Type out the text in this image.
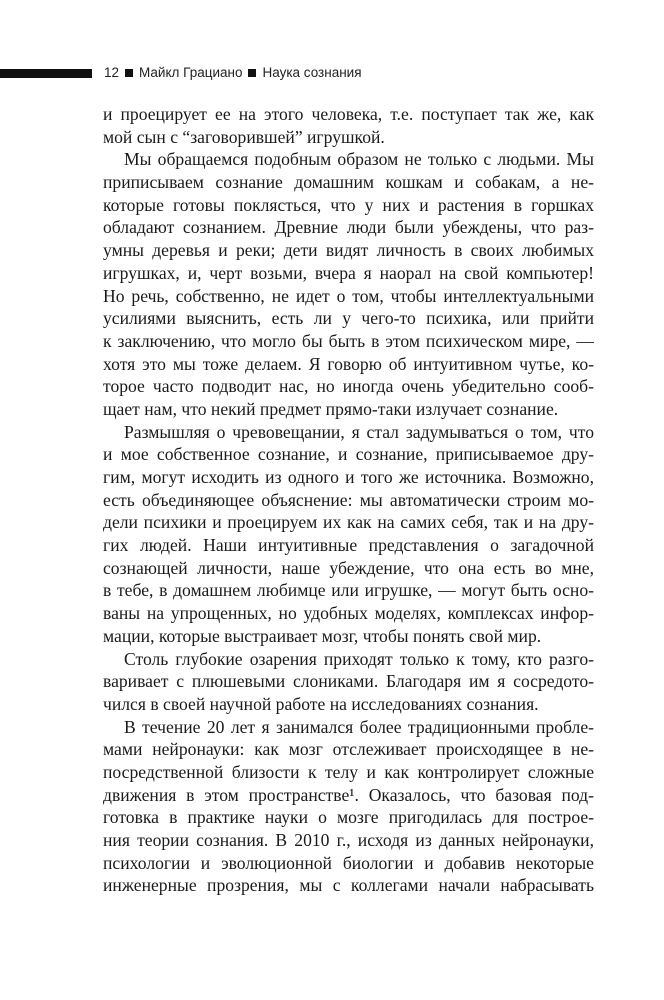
12 Майкл Грациано Наука сознания
и проецирует ее на этого человека, т.е. поступает так же, как
мой сын с “заговорившей” игрушкой.
Мы обращаемся подобным образом не только с людьми. Мы
приписываем сознание домашним кошкам и собакам, а не-
которые готовы поклясться, что у них и растения в горшках
обладают сознанием. Древние люди были убеждены, что раз-
умны деревья и реки; дети видят личность в своих любимых
игрушках, и, черт возьми, вчера я наорал на свой компьютер!
Но речь, собственно, не идет о том, чтобы интеллектуальными
усилиями выяснить, есть ли у чего-то психика, или прийти
к заключению, что могло бы быть в этом психическом мире, —
хотя это мы тоже делаем. Я говорю об интуитивном чутье, ко-
торое часто подводит нас, но иногда очень убедительно сооб-
щает нам, что некий предмет прямо-таки излучает сознание.
Размышляя о чревовещании, я стал задумываться о том, что
и мое собственное сознание, и сознание, приписываемое дру-
гим, могут исходить из одного и того же источника. Возможно,
есть объединяющее объяснение: мы автоматически строим мо-
дели психики и проецируем их как на самих себя, так и на дру-
гих людей. Наши интуитивные представления о загадочной
сознающей личности, наше убеждение, что она есть во мне,
в тебе, в домашнем любимце или игрушке, — могут быть осно-
ваны на упрощенных, но удобных моделях, комплексах инфор-
мации, которые выстраивает мозг, чтобы понять свой мир.
Столь глубокие озарения приходят только к тому, кто разго-
варивает с плюшевыми слониками. Благодаря им я сосредото-
чился в своей научной работе на исследованиях сознания.
В течение 20 лет я занимался более традиционными пробле-
мами нейронауки: как мозг отслеживает происходящее в не-
посредственной близости к телу и как контролирует сложные
движения в этом пространстве¹. Оказалось, что базовая под-
готовка в практике науки о мозге пригодилась для построе-
ния теории сознания. В 2010 г., исходя из данных нейронауки,
психологии и эволюционной биологии и добавив некоторые
инженерные прозрения, мы с коллегами начали набрасывать
